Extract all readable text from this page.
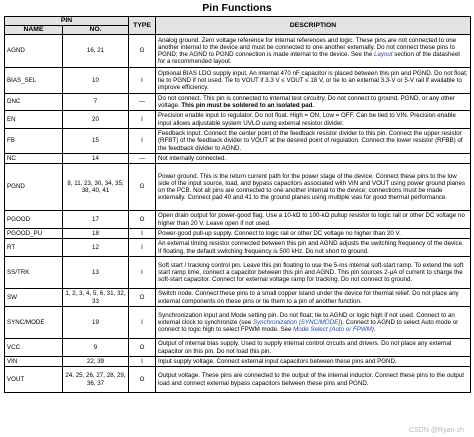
Pin Functions
PIN		TYPE	DESCRIPTION
NAME	NO.		
AGND	16, 21	G	Analog ground. Zero voltage reference for internal references and logic. These pins are not connected to one another internal to the device and must be connected to one another externally. Do not connect these pins to PGND; the AGND to PGND connection is made internal to the device. See the Layout section of the datasheet for a recommended layout.
BIAS_SEL	10	I	Optional BIAS LDO supply input. An internal 470 nF capacitor is placed between this pin and PGND. Do not float; tie to PGND if not used. Tie to VOUT if 3.3 V ≤ VOUT ≤ 18 V, or tie to an external 3.3-V or 5-V rail if available to improve efficiency.
DNC	7	—	Do not connect. This pin is connected to internal test circuitry. Do not connect to ground, PGND, or any other voltage. This pin must be soldered to an isolated pad.
EN	20	I	Precision enable input to regulator. Do not float. High = ON, Low = OFF. Can be tied to VIN. Precision enable input allows adjustable system UVLO using external resistor divider.
FB	15	I	Feedback input. Connect the center point of the feedback resistor divider to this pin. Connect the upper resistor (RFBT) of the feedback divider to VOUT at the desired point of regulation. Connect the lower resistor (RFBB) of the feedback divider to AGND.
NC	14	—	Not internally connected.
PGND	8, 11, 23, 30, 34, 35, 38, 40, 41	G	Power ground. This is the return current path for the power stage of the device. Connect these pins to the low side of the input source, load, and bypass capacitors associated with VIN and VOUT using power ground planes on the PCB. Not all pins are connected to one another internal to the device; connections must be made externally. Connect pad 40 and 41 to the ground planes using multiple vias for good thermal performance.
PGOOD	17	O	Open drain output for power-good flag. Use a 10-kΩ to 100-kΩ pullup resistor to logic rail or other DC voltage no higher than 20 V. Leave open if not used.
PGOOD_PU	18	I	Power-good pull-up supply. Connect to logic rail or other DC voltage no higher than 20 V.
RT	12	I	An external timing resistor connected between this pin and AGND adjusts the switching frequency of the device. If floating, the default switching frequency is 500 kHz. Do not short to ground.
SS/TRK	13	I	Soft start / tracking control pin. Leave this pin floating to use the 5-ms internal soft-start ramp. To extend the soft start ramp time, connect a capacitor between this pin and AGND. This pin sources 2-μA of current to charge the soft-start capacitor. Connect for external voltage ramp for tracking. Do not connect to ground.
SW	1, 2, 3, 4, 5, 6, 31, 32, 33	O	Switch node. Connect these pins to a small copper island under the device for thermal relief. Do not place any external components on these pins or tie them to a pin of another function.
SYNC/MODE	19	I	Synchronization input and Mode setting pin. Do not float; tie to AGND or logic high if not used. Connect to an external clock to synchronize (see Synchronization (SYNC/MODE)). Connect to AGND to select Auto mode or connect to logic high to select FPWM mode. See Mode Select (Auto or FPWM).
VCC	9	O	Output of internal bias supply. Used to supply internal control circuits and drivers. Do not place any external capacitor on this pin. Do not load this pin.
VIN	22, 39	I	Input supply voltage. Connect external input capacitors between these pins and PGND.
VOUT	24, 25, 26, 27, 28, 29, 36, 37	O	Output voltage. These pins are connected to the output of the internal inductor. Connect these pins to the output load and connect external bypass capacitors between these pins and PGND.
CSDN @Ryan·zh
